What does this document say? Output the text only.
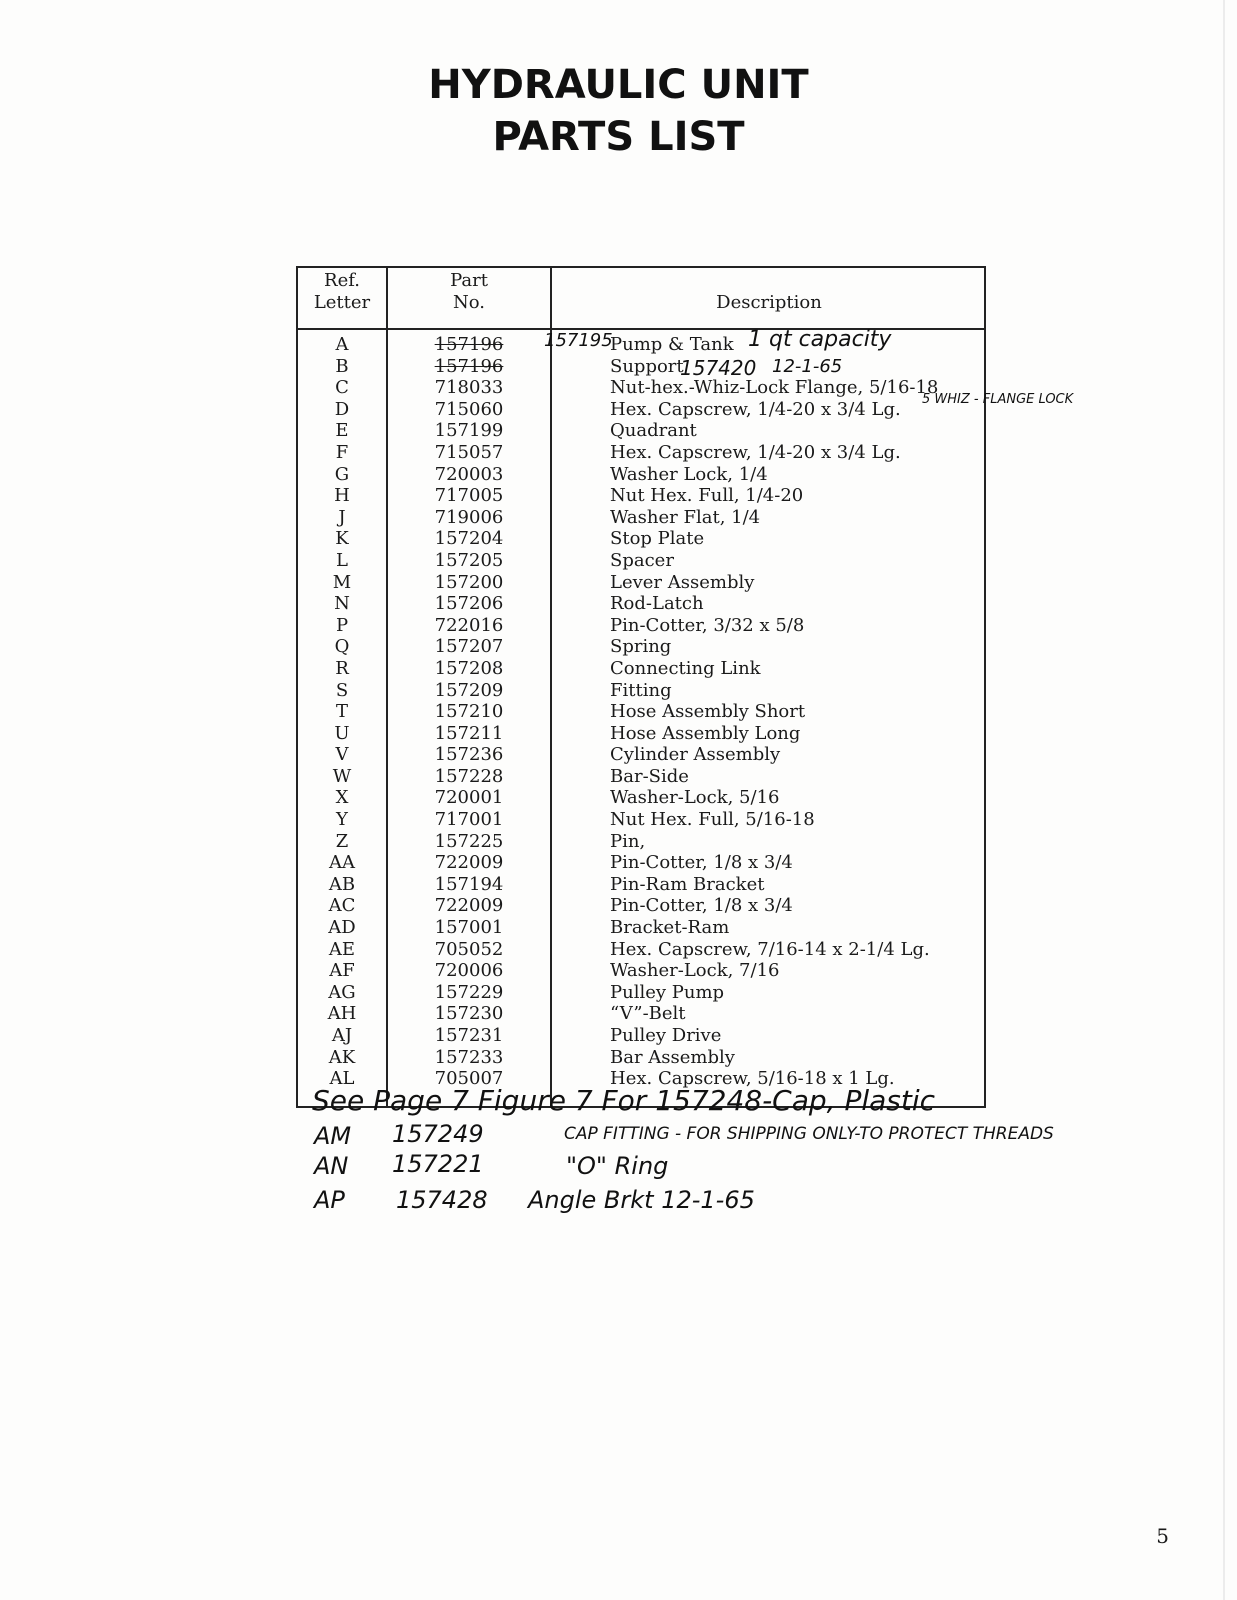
HYDRAULIC UNIT
PARTS LIST
Ref.
Letter
Part
No.	Description
A	157196	Pump & Tank
B	157196	Support
C	718033	Nut-hex.-Whiz-Lock Flange, 5/16-18
D	715060	Hex. Capscrew, 1/4-20 x 3/4 Lg.
E	157199	Quadrant
F	715057	Hex. Capscrew, 1/4-20 x 3/4 Lg.
G	720003	Washer Lock, 1/4
H	717005	Nut Hex. Full, 1/4-20
J	719006	Washer Flat, 1/4
K	157204	Stop Plate
L	157205	Spacer
M	157200	Lever Assembly
N	157206	Rod-Latch
P	722016	Pin-Cotter, 3/32 x 5/8
Q	157207	Spring
R	157208	Connecting Link
S	157209	Fitting
T	157210	Hose Assembly Short
U	157211	Hose Assembly Long
V	157236	Cylinder Assembly
W	157228	Bar-Side
X	720001	Washer-Lock, 5/16
Y	717001	Nut Hex. Full, 5/16-18
Z	157225	Pin,
AA	722009	Pin-Cotter, 1/8 x 3/4
AB	157194	Pin-Ram Bracket
AC	722009	Pin-Cotter, 1/8 x 3/4
AD	157001	Bracket-Ram
AE	705052	Hex. Capscrew, 7/16-14 x 2-1/4 Lg.
AF	720006	Washer-Lock, 7/16
AG	157229	Pulley Pump
AH	157230	“V”-Belt
AJ	157231	Pulley Drive
AK	157233	Bar Assembly
AL	705007	Hex. Capscrew, 5/16-18 x 1 Lg.
157195	1 qt capacity
157420 12-1-65
5 WHIZ - FLANGE LOCK
See Page 7 Figure 7 For 157248-Cap, Plastic
AM 157249	CAP FITTING - FOR SHIPPING ONLY-TO PROTECT THREADS
AN 157221	"O" Ring
AP 157428 Angle Brkt 12-1-65
5
